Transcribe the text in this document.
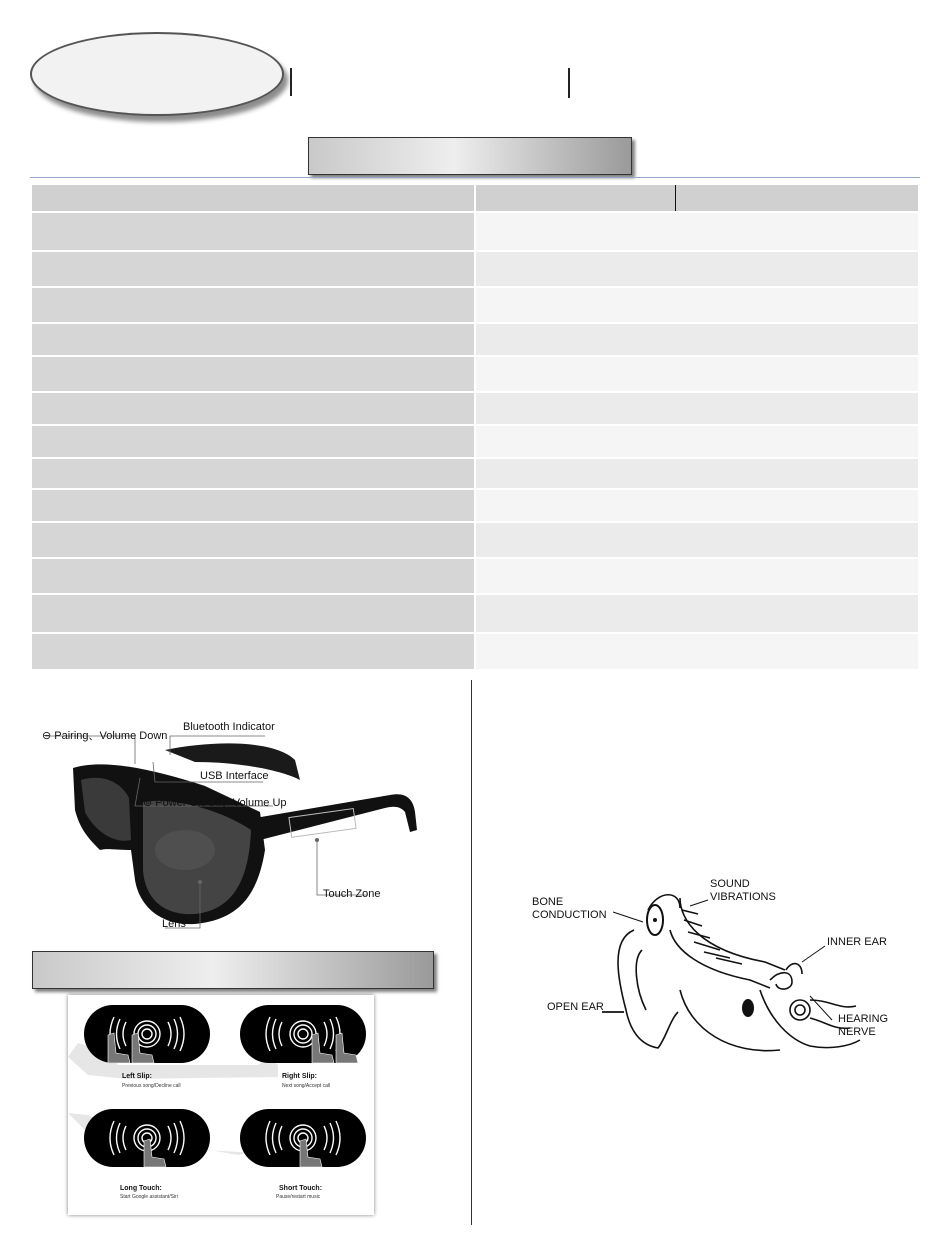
⊖ Pairing、Volume Down
Bluetooth Indicator
USB Interface
⊚ Power On/Off、Volume Up
Touch Zone
Lens
Left Slip:
Previous song/Decline call
Right Slip:
Next song/Accept call
Long Touch:
Start Google assistant/Siri
Short Touch:
Pause/restart music
BONE
CONDUCTION
SOUND
VIBRATIONS
INNER EAR
OPEN EAR
HEARING
NERVE
